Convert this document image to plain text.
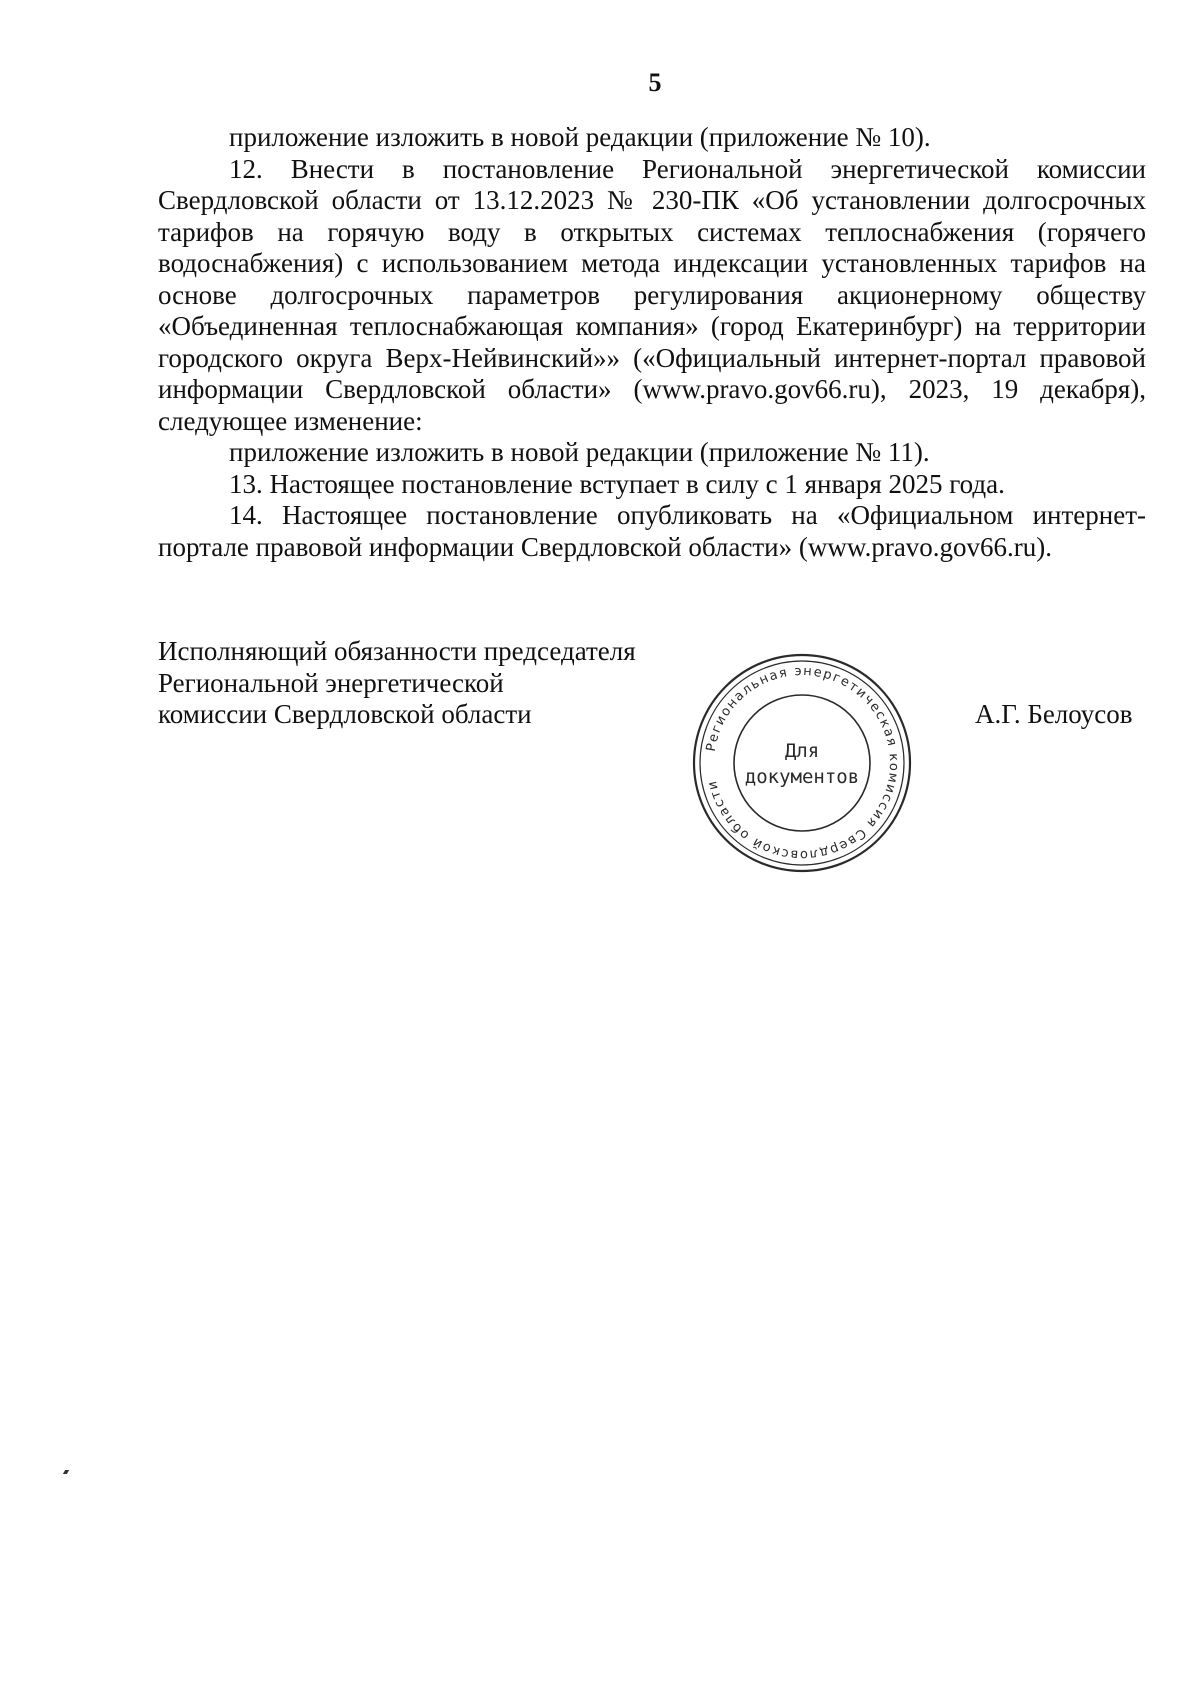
5

приложение изложить в новой редакции (приложение № 10).

12. Внести в постановление Региональной энергетической комиссии Свердловской области от 13.12.2023 № 230-ПК «Об установлении долгосрочных тарифов на горячую воду в открытых системах теплоснабжения (горячего водоснабжения) с использованием метода индексации установленных тарифов на основе долгосрочных параметров регулирования акционерному обществу «Объединенная теплоснабжающая компания» (город Екатеринбург) на территории городского округа Верх-Нейвинский»» («Официальный интернет-портал правовой информации Свердловской области» (www.pravo.gov66.ru), 2023, 19 декабря), следующее изменение:

приложение изложить в новой редакции (приложение № 11).

13. Настоящее постановление вступает в силу с 1 января 2025 года.

14. Настоящее постановление опубликовать на «Официальном интернет-портале правовой информации Свердловской области» (www.pravo.gov66.ru).

Исполняющий обязанности председателя
Региональной энергетической
комиссии Свердловской области	А.Г. Белоусов
Региональная энергетическая комиссия Свердловской области
Для
документов
